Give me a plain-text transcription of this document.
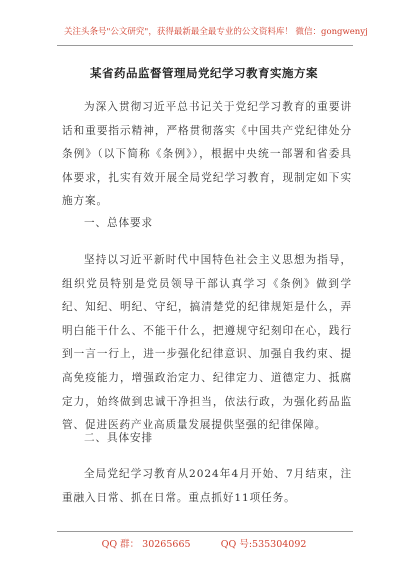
关注头条号"公文研究"，获得最新最全最专业的公文资料库！ 微信：gongwenyj
某省药品监督管理局党纪学习教育实施方案

为深入贯彻习近平总书记关于党纪学习教育的重要讲话和重要指示精神，严格贯彻落实《中国共产党纪律处分条例》（以下简称《条例》），根据中央统一部署和省委具体要求，扎实有效开展全局党纪学习教育，现制定如下实施方案。

一、总体要求

坚持以习近平新时代中国特色社会主义思想为指导，组织党员特别是党员领导干部认真学习《条例》做到学纪、知纪、明纪、守纪，搞清楚党的纪律规矩是什么，弄明白能干什么、不能干什么，把遵规守纪刻印在心，践行到一言一行上，进一步强化纪律意识、加强自我约束、提高免疫能力，增强政治定力、纪律定力、道德定力、抵腐定力，始终做到忠诚干净担当，依法行政，为强化药品监管、促进医药产业高质量发展提供坚强的纪律保障。

二、具体安排

全局党纪学习教育从2024年4月开始、7月结束，注重融入日常、抓在日常。重点抓好11项任务。

QQ 群： 30265665          QQ 号:535304092
